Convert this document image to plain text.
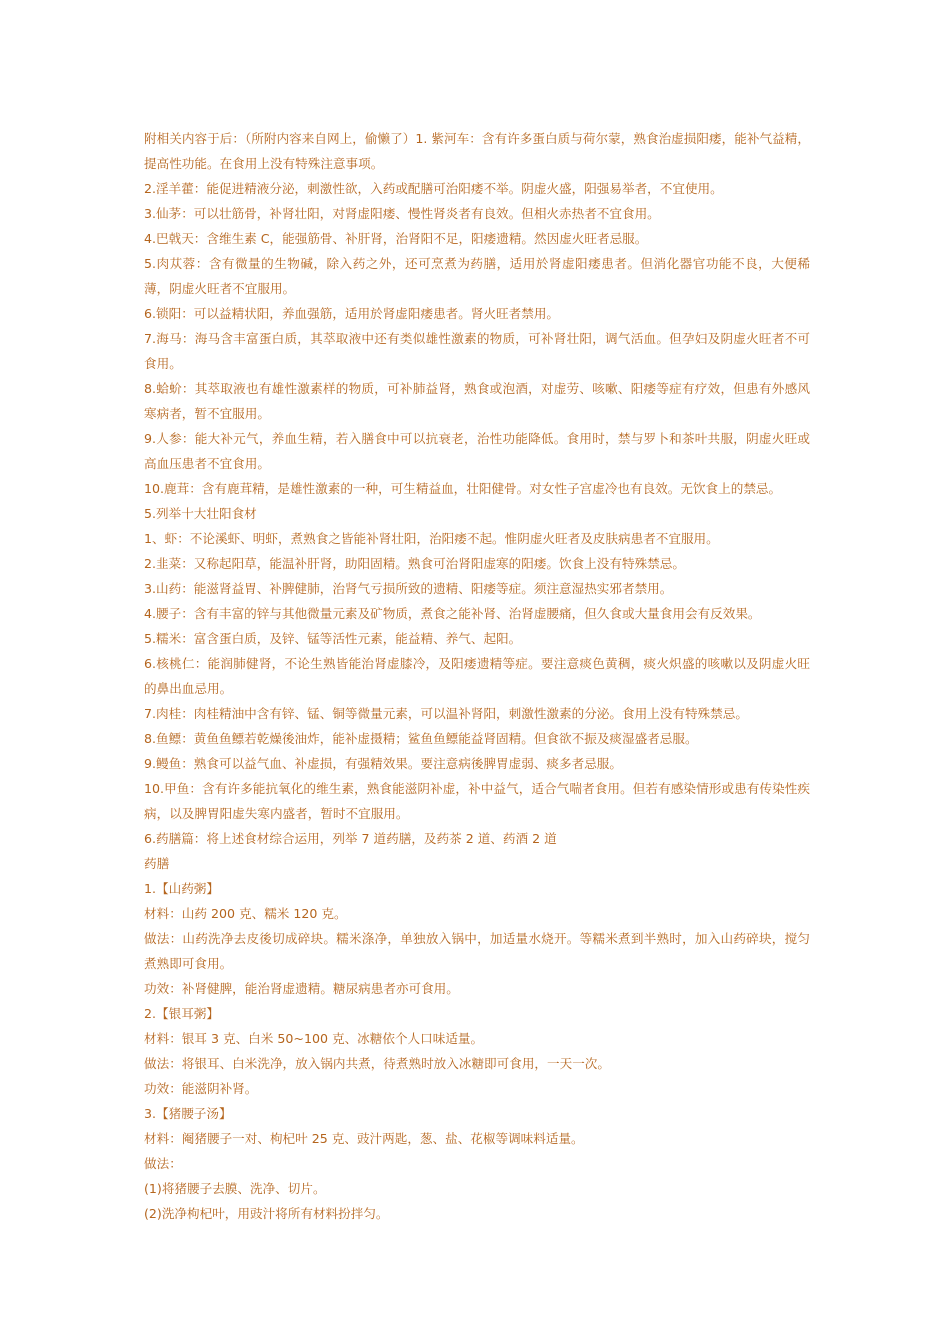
附相关内容于后：（所附内容来自网上，偷懒了）1. 紫河车：含有许多蛋白质与荷尔蒙，熟食治虚损阳痿，能补气益精，提高性功能。在食用上没有特殊注意事项。

2.淫羊藿：能促进精液分泌，刺激性欲，入药或配膳可治阳痿不举。阴虚火盛，阳强易举者，不宜使用。

3.仙茅：可以壮筋骨，补肾壮阳，对肾虚阳痿、慢性肾炎者有良效。但相火赤热者不宜食用。

4.巴戟天：含维生素 C，能强筋骨、补肝肾，治肾阳不足，阳痿遗精。然因虚火旺者忌服。

5.肉苁蓉：含有微量的生物碱，除入药之外，还可烹煮为药膳，适用於肾虚阳痿患者。但消化器官功能不良，大便稀薄，阴虚火旺者不宜服用。

6.锁阳：可以益精状阳，养血强筋，适用於肾虚阳痿患者。肾火旺者禁用。

7.海马：海马含丰富蛋白质，其萃取液中还有类似雄性激素的物质，可补肾壮阳，调气活血。但孕妇及阴虚火旺者不可食用。

8.蛤蚧：其萃取液也有雄性激素样的物质，可补肺益肾，熟食或泡酒，对虚劳、咳嗽、阳痿等症有疗效，但患有外感风寒病者，暂不宜服用。

9.人参：能大补元气，养血生精，若入膳食中可以抗衰老，治性功能降低。食用时，禁与罗卜和茶叶共服，阴虚火旺或高血压患者不宜食用。

10.鹿茸：含有鹿茸精，是雄性激素的一种，可生精益血，壮阳健骨。对女性子宫虚冷也有良效。无饮食上的禁忌。

5.列举十大壮阳食材

1、虾：不论溪虾、明虾，煮熟食之皆能补肾壮阳，治阳痿不起。惟阴虚火旺者及皮肤病患者不宜服用。

2.韭菜：又称起阳草，能温补肝肾，助阳固精。熟食可治肾阳虚寒的阳痿。饮食上没有特殊禁忌。

3.山药：能滋肾益胃、补脾健肺，治肾气亏损所致的遗精、阳痿等症。须注意湿热实邪者禁用。

4.腰子：含有丰富的锌与其他微量元素及矿物质，煮食之能补肾、治肾虚腰痛，但久食或大量食用会有反效果。

5.糯米：富含蛋白质，及锌、锰等活性元素，能益精、养气、起阳。

6.核桃仁：能润肺健肾，不论生熟皆能治肾虚膝冷，及阳痿遗精等症。要注意痰色黄稠，痰火炽盛的咳嗽以及阴虚火旺的鼻出血忌用。

7.肉桂：肉桂精油中含有锌、锰、铜等微量元素，可以温补肾阳，刺激性激素的分泌。食用上没有特殊禁忌。

8.鱼鳔：黄鱼鱼鳔若乾燥後油炸，能补虚摄精；鲨鱼鱼鳔能益肾固精。但食欲不振及痰湿盛者忌服。

9.鳗鱼：熟食可以益气血、补虚损，有强精效果。要注意病後脾胃虚弱、痰多者忌服。

10.甲鱼：含有许多能抗氧化的维生素，熟食能滋阴补虚，补中益气，适合气喘者食用。但若有感染情形或患有传染性疾病，以及脾胃阳虚失寒内盛者，暂时不宜服用。

6.药膳篇：将上述食材综合运用，列举 7 道药膳，及药茶 2 道、药酒 2 道

药膳

1.【山药粥】

材料：山药 200 克、糯米 120 克。

做法：山药洗净去皮後切成碎块。糯米涤净，单独放入锅中，加适量水烧开。等糯米煮到半熟时，加入山药碎块，搅匀煮熟即可食用。

功效：补肾健脾，能治肾虚遗精。糖尿病患者亦可食用。

2.【银耳粥】

材料：银耳 3 克、白米 50~100 克、冰糖依个人口味适量。

做法：将银耳、白米洗净，放入锅内共煮，待煮熟时放入冰糖即可食用，一天一次。

功效：能滋阴补肾。

3.【猪腰子汤】

材料：阉猪腰子一对、枸杞叶 25 克、豉汁两匙，葱、盐、花椒等调味料适量。

做法：

(1)将猪腰子去膜、洗净、切片。

(2)洗净枸杞叶，用豉汁将所有材料扮拌匀。
